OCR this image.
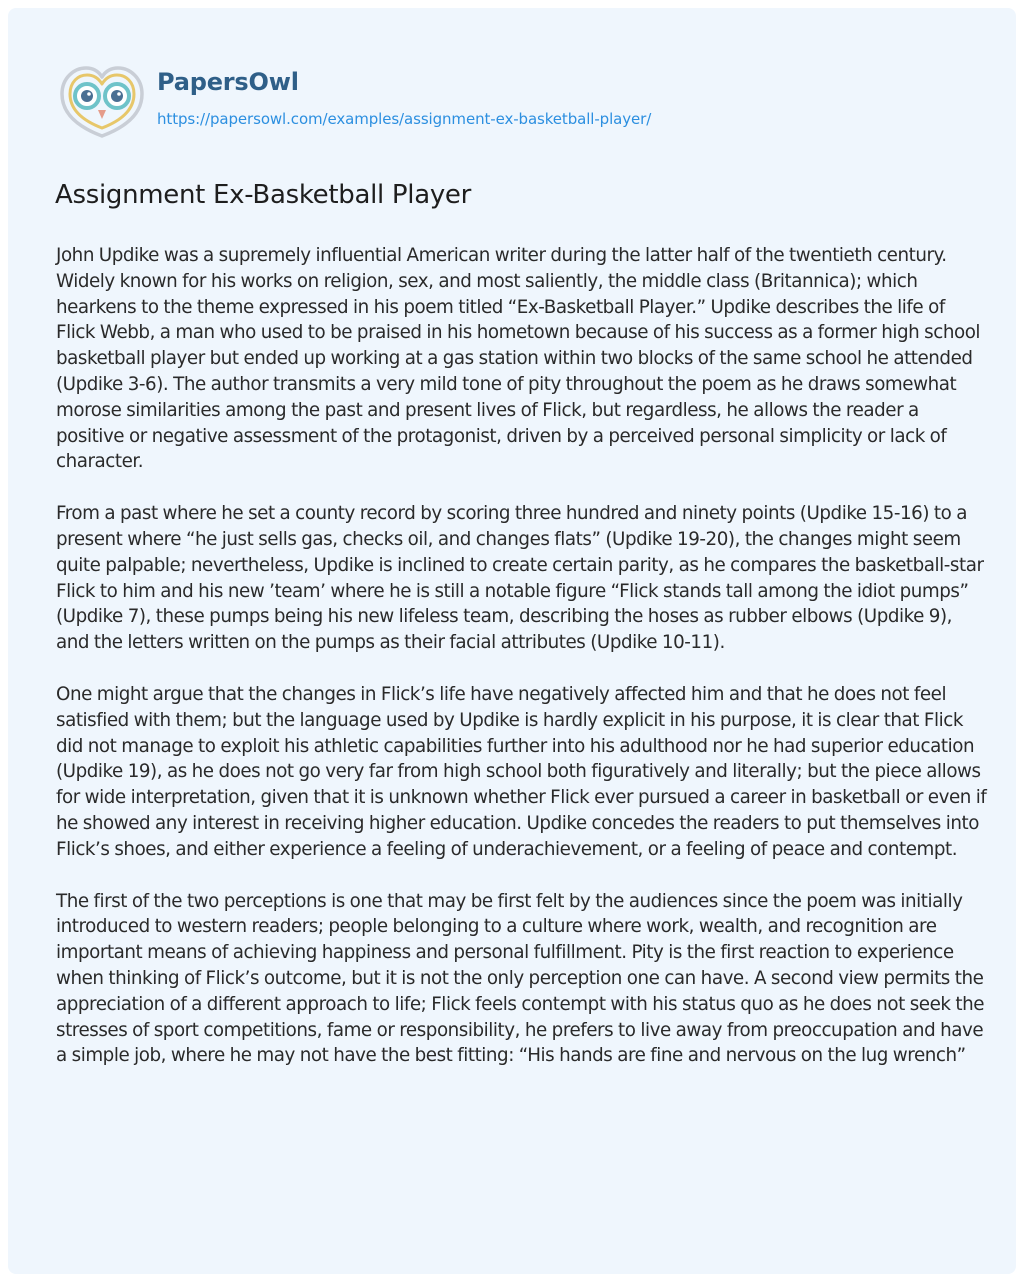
PapersOwl
https://papersowl.com/examples/assignment-ex-basketball-player/
Assignment Ex-Basketball Player

John Updike was a supremely influential American writer during the latter half of the twentieth century. Widely known for his works on religion, sex, and most saliently, the middle class (Britannica); which hearkens to the theme expressed in his poem titled “Ex-Basketball Player.” Updike describes the life of Flick Webb, a man who used to be praised in his hometown because of his success as a former high school basketball player but ended up working at a gas station within two blocks of the same school he attended (Updike 3-6). The author transmits a very mild tone of pity throughout the poem as he draws somewhat morose similarities among the past and present lives of Flick, but regardless, he allows the reader a positive or negative assessment of the protagonist, driven by a perceived personal simplicity or lack of character.

From a past where he set a county record by scoring three hundred and ninety points (Updike 15-16) to a present where “he just sells gas, checks oil, and changes flats” (Updike 19-20), the changes might seem quite palpable; nevertheless, Updike is inclined to create certain parity, as he compares the basketball-star Flick to him and his new ’team’ where he is still a notable figure “Flick stands tall among the idiot pumps” (Updike 7), these pumps being his new lifeless team, describing the hoses as rubber elbows (Updike 9), and the letters written on the pumps as their facial attributes (Updike 10-11).

One might argue that the changes in Flick’s life have negatively affected him and that he does not feel satisfied with them; but the language used by Updike is hardly explicit in his purpose, it is clear that Flick did not manage to exploit his athletic capabilities further into his adulthood nor he had superior education (Updike 19), as he does not go very far from high school both figuratively and literally; but the piece allows for wide interpretation, given that it is unknown whether Flick ever pursued a career in basketball or even if he showed any interest in receiving higher education. Updike concedes the readers to put themselves into Flick’s shoes, and either experience a feeling of underachievement, or a feeling of peace and contempt.

The first of the two perceptions is one that may be first felt by the audiences since the poem was initially introduced to western readers; people belonging to a culture where work, wealth, and recognition are important means of achieving happiness and personal fulfillment. Pity is the first reaction to experience when thinking of Flick’s outcome, but it is not the only perception one can have. A second view permits the appreciation of a different approach to life; Flick feels contempt with his status quo as he does not seek the stresses of sport competitions, fame or responsibility, he prefers to live away from preoccupation and have a simple job, where he may not have the best fitting: “His hands are fine and nervous on the lug wrench”
